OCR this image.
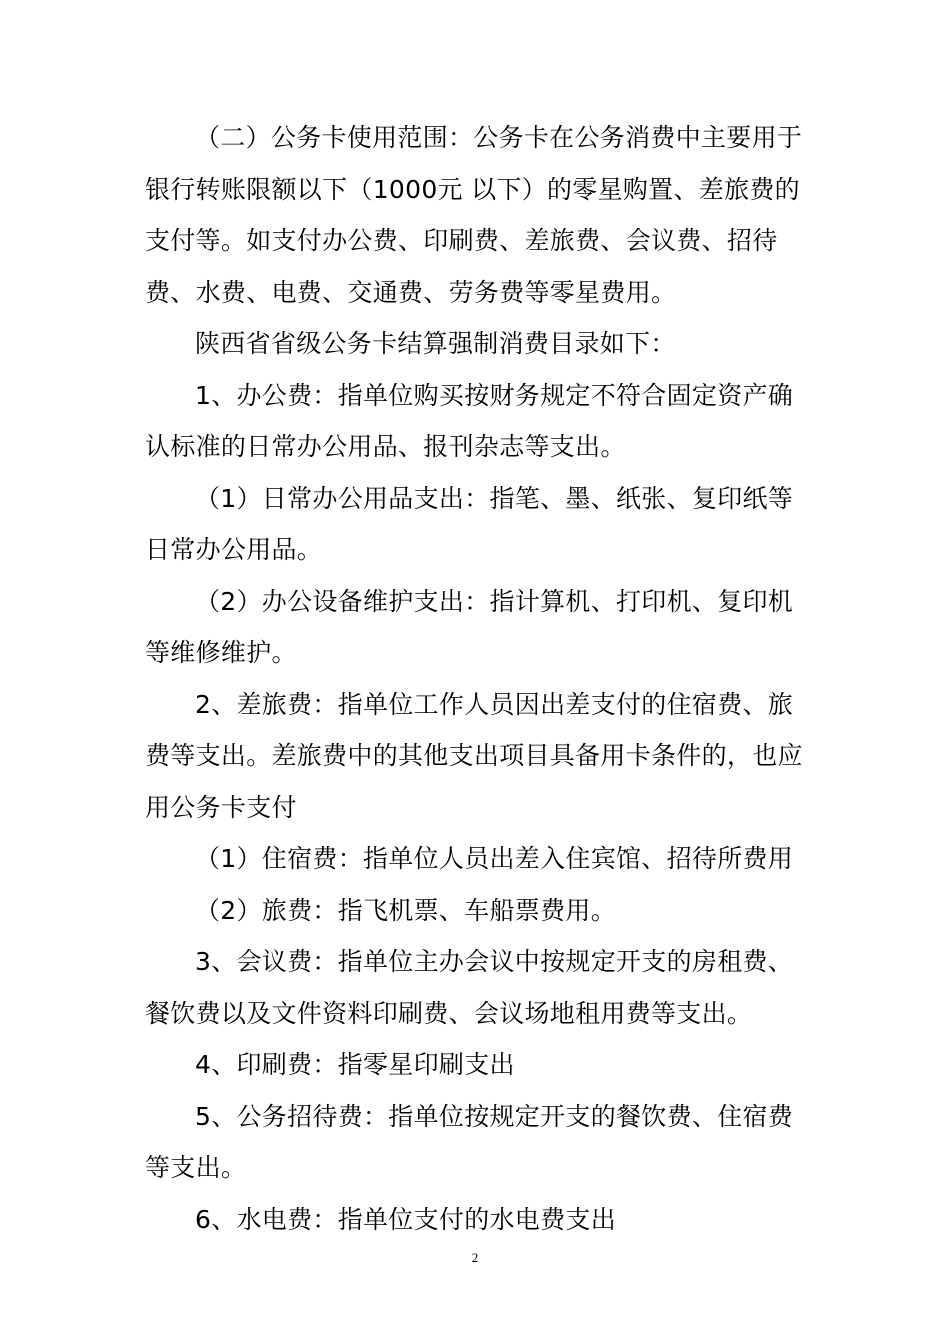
（二）公务卡使用范围：公务卡在公务消费中主要用于银行转账限额以下（1000元 以下）的零星购置、差旅费的支付等。如支付办公费、印刷费、差旅费、会议费、招待费、水费、电费、交通费、劳务费等零星费用。

陕西省省级公务卡结算强制消费目录如下：

1、办公费：指单位购买按财务规定不符合固定资产确认标准的日常办公用品、报刊杂志等支出。

（1）日常办公用品支出：指笔、墨、纸张、复印纸等日常办公用品。

（2）办公设备维护支出：指计算机、打印机、复印机等维修维护。

2、差旅费：指单位工作人员因出差支付的住宿费、旅费等支出。差旅费中的其他支出项目具备用卡条件的，也应用公务卡支付

（1）住宿费：指单位人员出差入住宾馆、招待所费用

（2）旅费：指飞机票、车船票费用。

3、会议费：指单位主办会议中按规定开支的房租费、餐饮费以及文件资料印刷费、会议场地租用费等支出。

4、印刷费：指零星印刷支出

5、公务招待费：指单位按规定开支的餐饮费、住宿费等支出。

6、水电费：指单位支付的水电费支出

2
